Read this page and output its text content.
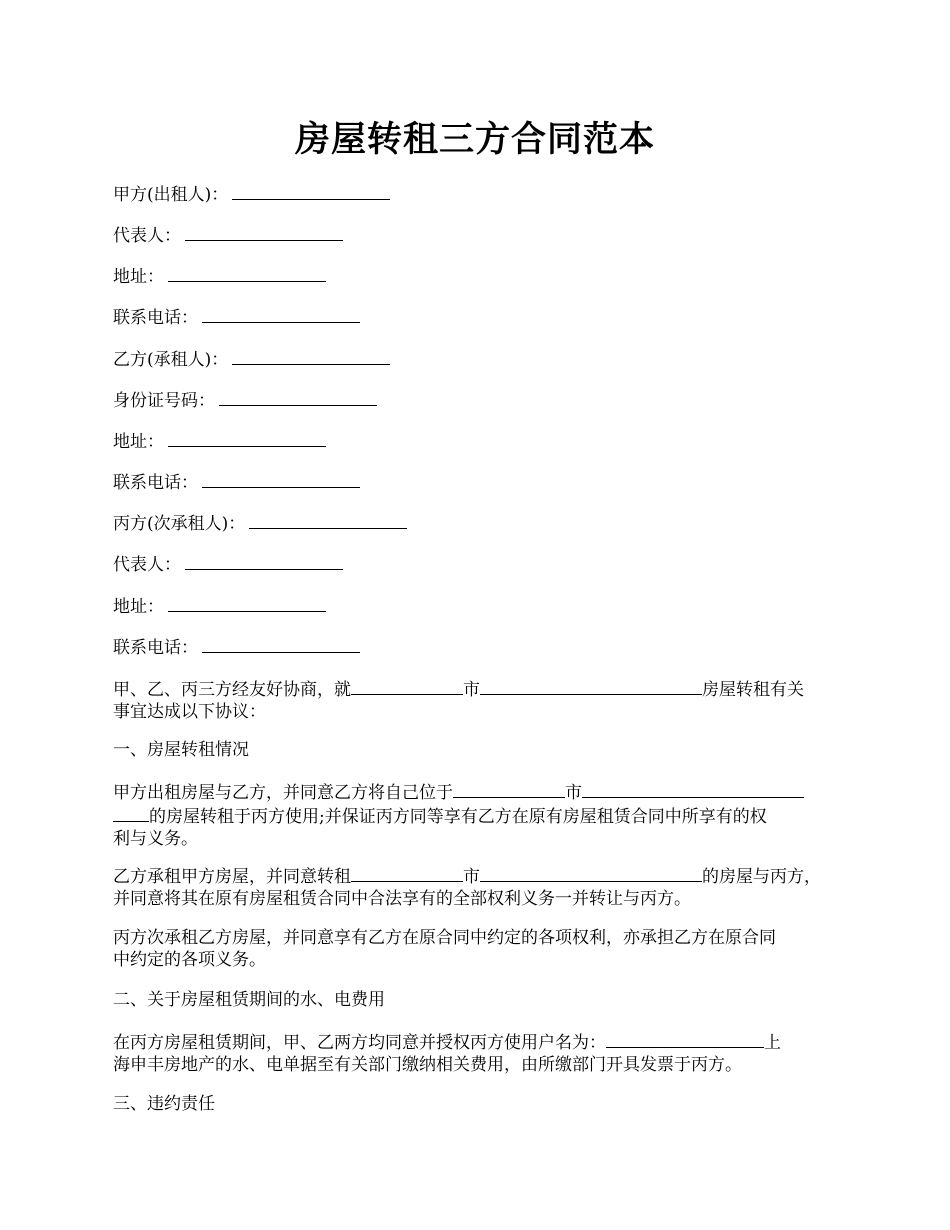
房屋转租三方合同范本
甲方(出租人)：
代表人：
地址：
联系电话：
乙方(承租人)：
身份证号码：
地址：
联系电话：
丙方(次承租人)：
代表人：
地址：
联系电话：

甲、乙、丙三方经友好协商，就	市	房屋转租有关
事宜达成以下协议：

一、房屋转租情况

甲方出租房屋与乙方，并同意乙方将自己位于	市
的房屋转租于丙方使用;并保证丙方同等享有乙方在原有房屋租赁合同中所享有的权
利与义务。

乙方承租甲方房屋，并同意转租	市	的房屋与丙方，
并同意将其在原有房屋租赁合同中合法享有的全部权利义务一并转让与丙方。

丙方次承租乙方房屋，并同意享有乙方在原合同中约定的各项权利，亦承担乙方在原合同
中约定的各项义务。

二、关于房屋租赁期间的水、电费用

在丙方房屋租赁期间，甲、乙两方均同意并授权丙方使用户名为：	上
海申丰房地产的水、电单据至有关部门缴纳相关费用，由所缴部门开具发票于丙方。

三、违约责任
